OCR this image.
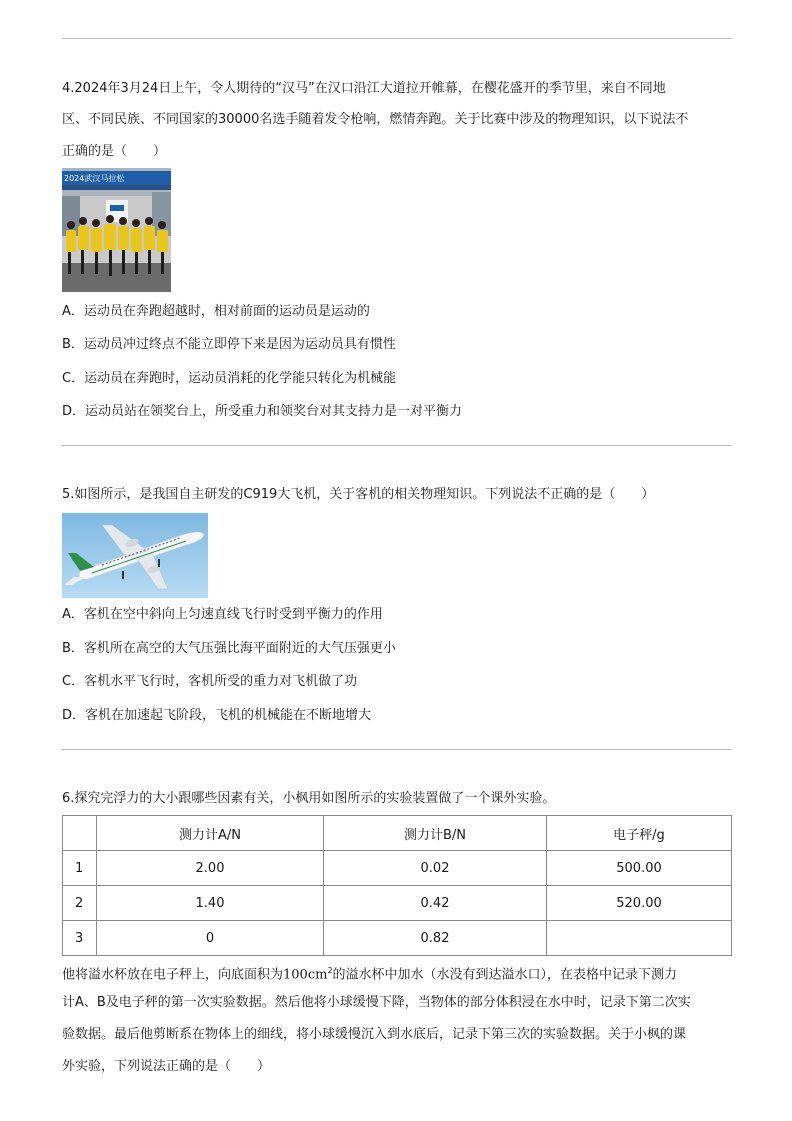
4.2024年3月24日上午，令人期待的“汉马”在汉口沿江大道拉开帷幕，在樱花盛开的季节里，来自不同地
区、不同民族、不同国家的30000名选手随着发令枪响，燃情奔跑。关于比赛中涉及的物理知识，以下说法不
正确的是（　　）
2024武汉马拉松
A．运动员在奔跑超越时，相对前面的运动员是运动的
B．运动员冲过终点不能立即停下来是因为运动员具有惯性
C．运动员在奔跑时，运动员消耗的化学能只转化为机械能
D．运动员站在领奖台上，所受重力和领奖台对其支持力是一对平衡力
5.如图所示，是我国自主研发的C919大飞机，关于客机的相关物理知识。下列说法不正确的是（　　）
A．客机在空中斜向上匀速直线飞行时受到平衡力的作用
B．客机所在高空的大气压强比海平面附近的大气压强更小
C．客机水平飞行时，客机所受的重力对飞机做了功
D．客机在加速起飞阶段，飞机的机械能在不断地增大
6.探究完浮力的大小跟哪些因素有关，小枫用如图所示的实验装置做了一个课外实验。
	测力计A/N	测力计B/N	电子秤/g
1	2.00	0.02	500.00
2	1.40	0.42	520.00
3	0	0.82	
他将溢水杯放在电子秤上，向底面积为$100cm^2$的溢水杯中加水（水没有到达溢水口），在表格中记录下测力
计A、B及电子秤的第一次实验数据。然后他将小球缓慢下降，当物体的部分体积浸在水中时，记录下第二次实
验数据。最后他剪断系在物体上的细线，将小球缓慢沉入到水底后，记录下第三次的实验数据。关于小枫的课
外实验，下列说法正确的是（　　）
